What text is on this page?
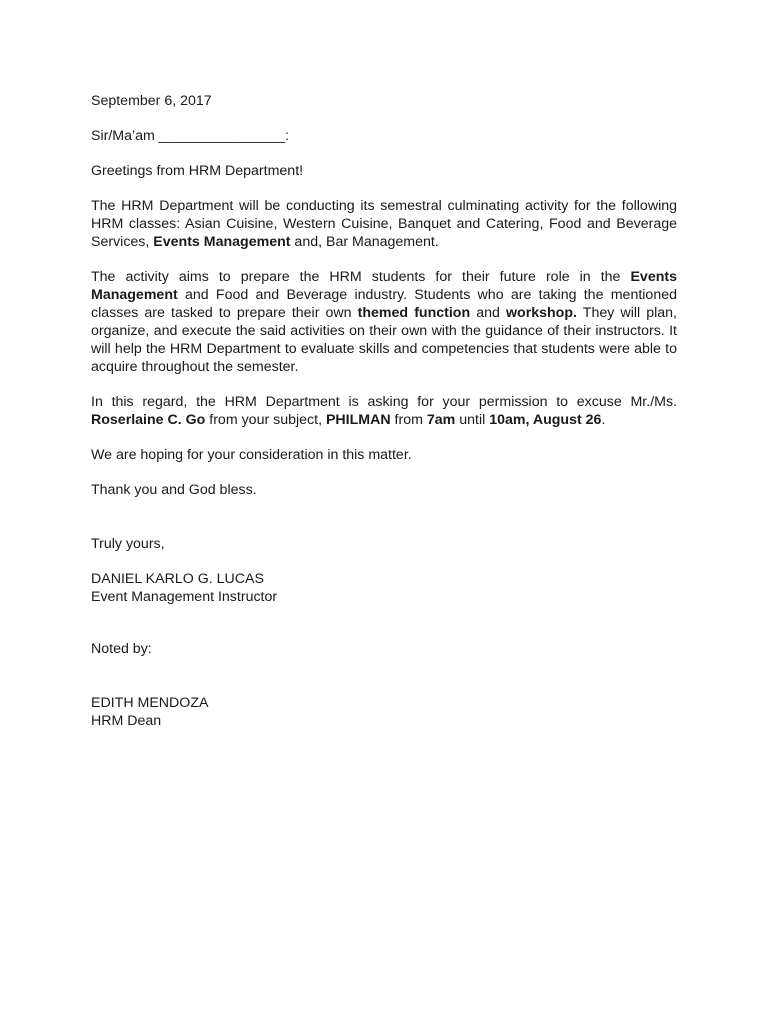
September 6, 2017

Sir/Ma’am ________________:

Greetings from HRM Department!

The HRM Department will be conducting its semestral culminating activity for the following HRM classes: Asian Cuisine, Western Cuisine, Banquet and Catering, Food and Beverage Services, Events Management and, Bar Management.

The activity aims to prepare the HRM students for their future role in the Events Management and Food and Beverage industry. Students who are taking the mentioned classes are tasked to prepare their own themed function and workshop. They will plan, organize, and execute the said activities on their own with the guidance of their instructors. It will help the HRM Department to evaluate skills and competencies that students were able to acquire throughout the semester.

In this regard, the HRM Department is asking for your permission to excuse Mr./Ms. Roserlaine C. Go from your subject, PHILMAN from 7am until 10am, August 26.

We are hoping for your consideration in this matter.

Thank you and God bless.

Truly yours,

DANIEL KARLO G. LUCAS

Event Management Instructor

Noted by:

EDITH MENDOZA

HRM Dean
